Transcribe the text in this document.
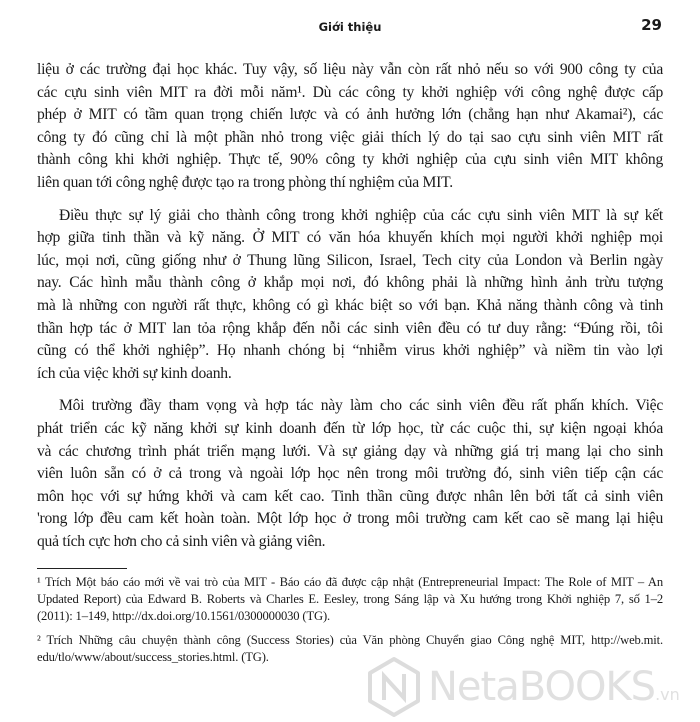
Giới thiệu	29
liệu ở các trường đại học khác. Tuy vậy, số liệu này vẫn còn rất nhỏ nếu so với 900 công ty của
các cựu sinh viên MIT ra đời mỗi năm¹. Dù các công ty khởi nghiệp với công nghệ được cấp
phép ở MIT có tầm quan trọng chiến lược và có ảnh hưởng lớn (chẳng hạn như Akamai²), các
công ty đó cũng chỉ là một phần nhỏ trong việc giải thích lý do tại sao cựu sinh viên MIT rất
thành công khi khởi nghiệp. Thực tế, 90% công ty khởi nghiệp của cựu sinh viên MIT không
liên quan tới công nghệ được tạo ra trong phòng thí nghiệm của MIT.
Điều thực sự lý giải cho thành công trong khởi nghiệp của các cựu sinh viên MIT là sự kết
hợp giữa tinh thần và kỹ năng. Ở MIT có văn hóa khuyến khích mọi người khởi nghiệp mọi
lúc, mọi nơi, cũng giống như ở Thung lũng Silicon, Israel, Tech city của London và Berlin ngày
nay. Các hình mẫu thành công ở khắp mọi nơi, đó không phải là những hình ảnh trừu tượng
mà là những con người rất thực, không có gì khác biệt so với bạn. Khả năng thành công và tinh
thần hợp tác ở MIT lan tỏa rộng khắp đến nỗi các sinh viên đều có tư duy rằng: “Đúng rồi, tôi
cũng có thể khởi nghiệp”. Họ nhanh chóng bị “nhiễm virus khởi nghiệp” và niềm tin vào lợi
ích của việc khởi sự kinh doanh.
Môi trường đầy tham vọng và hợp tác này làm cho các sinh viên đều rất phấn khích. Việc
phát triển các kỹ năng khởi sự kinh doanh đến từ lớp học, từ các cuộc thi, sự kiện ngoại khóa
và các chương trình phát triển mạng lưới. Và sự giảng dạy và những giá trị mang lại cho sinh
viên luôn sẵn có ở cả trong và ngoài lớp học nên trong môi trường đó, sinh viên tiếp cận các
môn học với sự hứng khởi và cam kết cao. Tinh thần cũng được nhân lên bởi tất cả sinh viên
'rong lớp đều cam kết hoàn toàn. Một lớp học ở trong môi trường cam kết cao sẽ mang lại hiệu
quả tích cực hơn cho cả sinh viên và giảng viên.
¹ Trích Một báo cáo mới về vai trò của MIT - Báo cáo đã được cập nhật (Entrepreneurial Impact: The Role of MIT – An
Updated Report) của Edward B. Roberts và Charles E. Eesley, trong Sáng lập và Xu hướng trong Khởi nghiệp 7, số 1–2
(2011): 1–149, http://dx.doi.org/10.1561/0300000030 (TG).
² Trích Những câu chuyện thành công (Success Stories) của Văn phòng Chuyển giao Công nghệ MIT, http://web.mit.
edu/tlo/www/about/success_stories.html. (TG).
NetaBOOKS.vn
